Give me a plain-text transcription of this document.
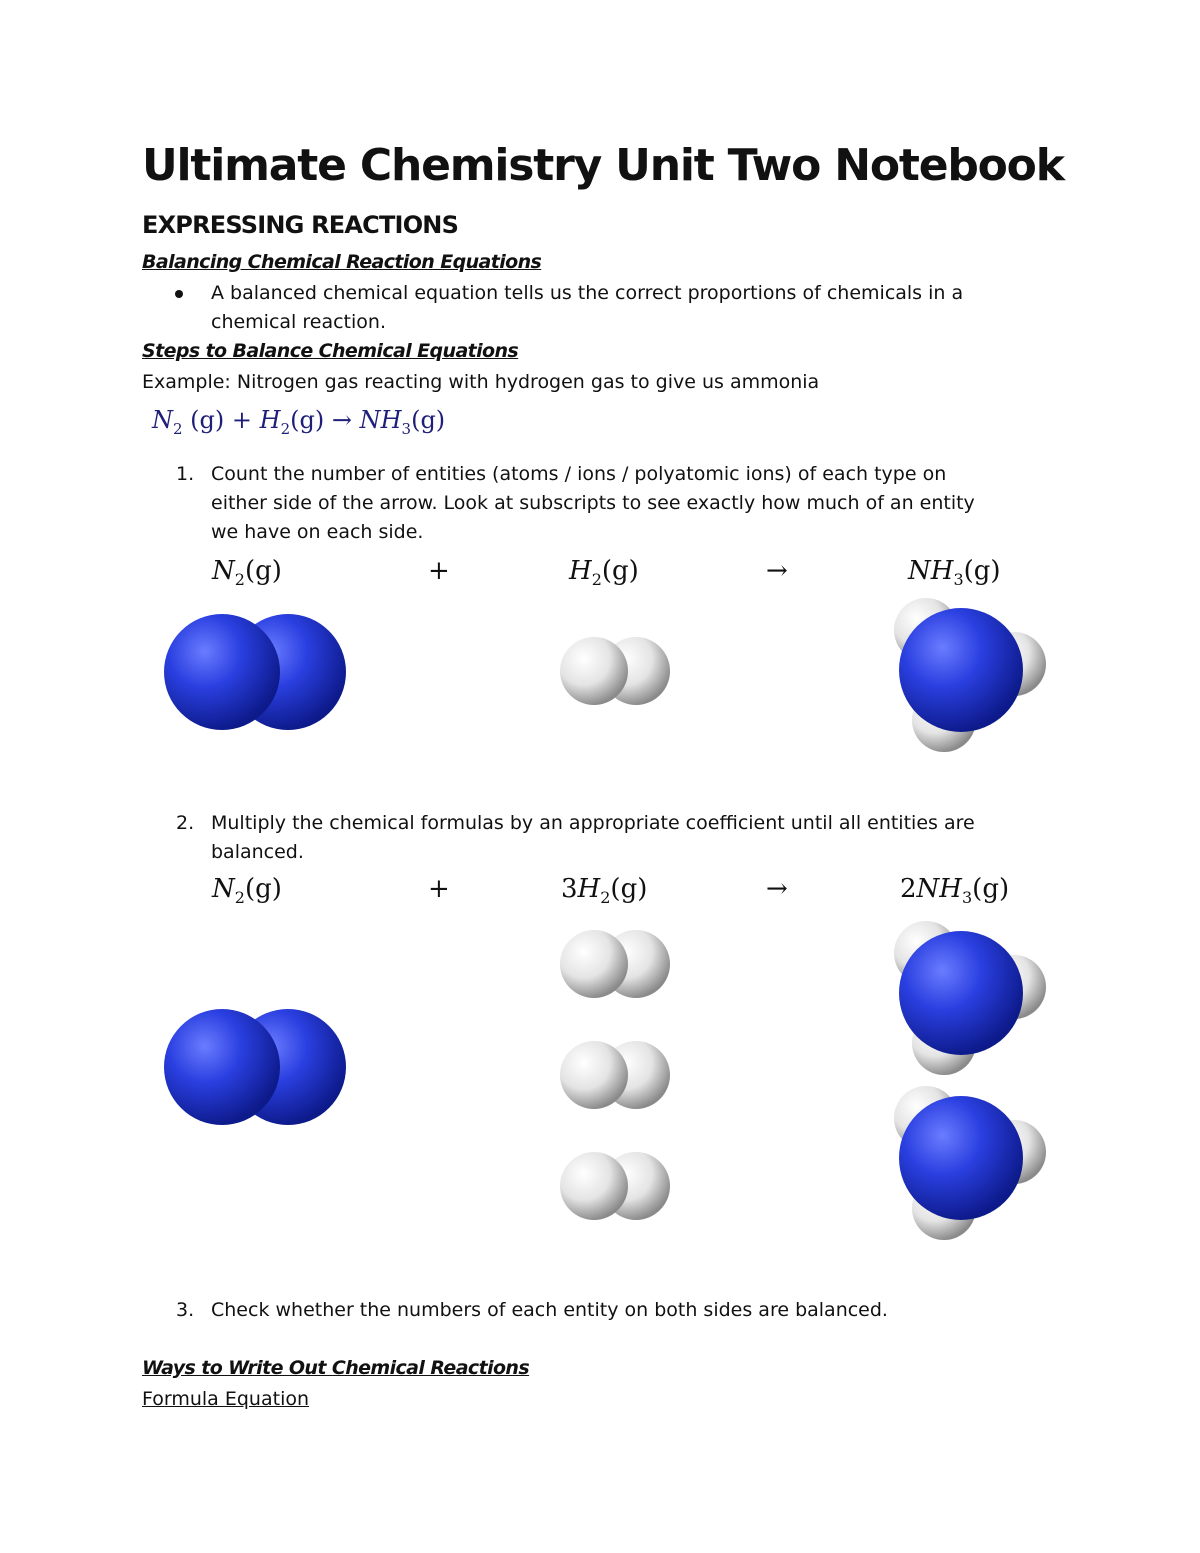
Ultimate Chemistry Unit Two Notebook
EXPRESSING REACTIONS
Balancing Chemical Reaction Equations
A balanced chemical equation tells us the correct proportions of chemicals in a
chemical reaction.
Steps to Balance Chemical Equations
Example: Nitrogen gas reacting with hydrogen gas to give us ammonia
$N_2$ $(g) + H_2(g) \to NH_3(g)$
1. Count the number of entities (atoms / ions / polyatomic ions) of each type on
either side of the arrow. Look at subscripts to see exactly how much of an entity
we have on each side.
$N_2(g)$	+	$H_2(g)$	→	$NH_3(g)$
2. Multiply the chemical formulas by an appropriate coefficient until all entities are
balanced.
$N_2(g)$	+	$3H_2(g)$	→	$2NH_3(g)$
3. Check whether the numbers of each entity on both sides are balanced.
Ways to Write Out Chemical Reactions
Formula Equation
